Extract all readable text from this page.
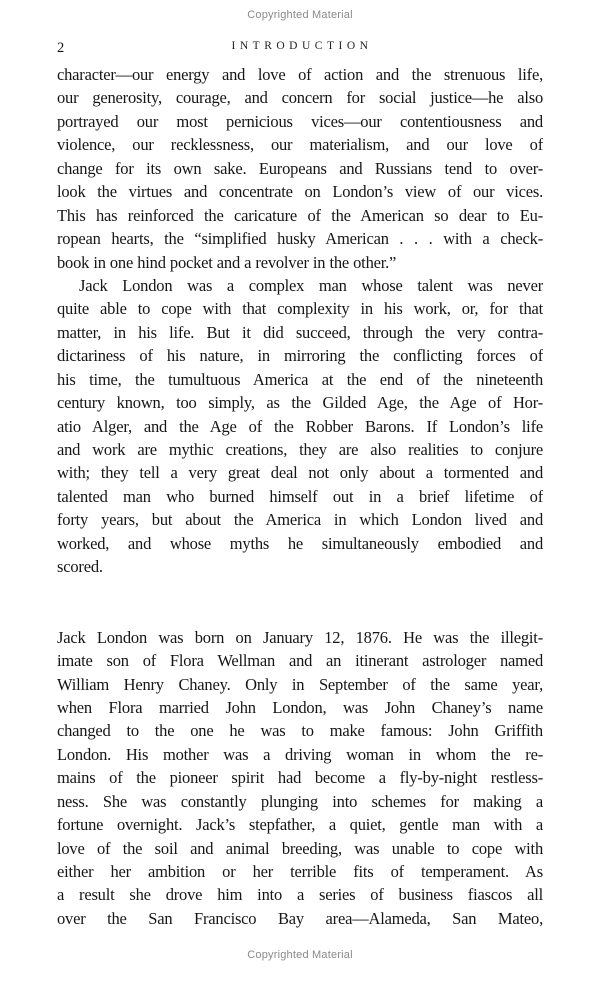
Copyrighted Material
2	INTRODUCTION

character—our energy and love of action and the strenuous life,
our generosity, courage, and concern for social justice—he also
portrayed our most pernicious vices—our contentiousness and
violence, our recklessness, our materialism, and our love of
change for its own sake. Europeans and Russians tend to over-
look the virtues and concentrate on London’s view of our vices.
This has reinforced the caricature of the American so dear to Eu-
ropean hearts, the “simplified husky American . . . with a check-
book in one hind pocket and a revolver in the other.”

Jack London was a complex man whose talent was never
quite able to cope with that complexity in his work, or, for that
matter, in his life. But it did succeed, through the very contra-
dictariness of his nature, in mirroring the conflicting forces of
his time, the tumultuous America at the end of the nineteenth
century known, too simply, as the Gilded Age, the Age of Hor-
atio Alger, and the Age of the Robber Barons. If London’s life
and work are mythic creations, they are also realities to conjure
with; they tell a very great deal not only about a tormented and
talented man who burned himself out in a brief lifetime of
forty years, but about the America in which London lived and
worked, and whose myths he simultaneously embodied and
scored.

Jack London was born on January 12, 1876. He was the illegit-
imate son of Flora Wellman and an itinerant astrologer named
William Henry Chaney. Only in September of the same year,
when Flora married John London, was John Chaney’s name
changed to the one he was to make famous: John Griffith
London. His mother was a driving woman in whom the re-
mains of the pioneer spirit had become a fly-by-night restless-
ness. She was constantly plunging into schemes for making a
fortune overnight. Jack’s stepfather, a quiet, gentle man with a
love of the soil and animal breeding, was unable to cope with
either her ambition or her terrible fits of temperament. As
a result she drove him into a series of business fiascos all
over the San Francisco Bay area—Alameda, San Mateo,

Copyrighted Material
